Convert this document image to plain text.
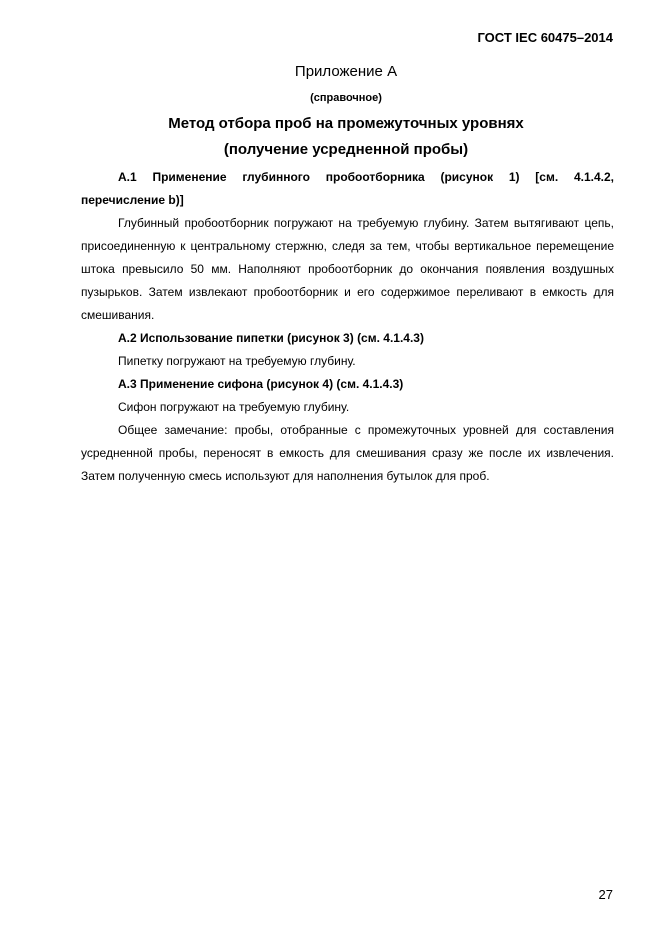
ГОСТ IEC 60475–2014
Приложение А
(справочное)
Метод отбора проб на промежуточных уровнях
(получение усредненной пробы)

А.1 Применение глубинного пробоотборника (рисунок 1) [см. 4.1.4.2, перечисление b)]

Глубинный пробоотборник погружают на требуемую глубину. Затем вытягивают цепь, присоединенную к центральному стержню, следя за тем, чтобы вертикальное перемещение штока превысило 50 мм. Наполняют пробоотборник до окончания появления воздушных пузырьков. Затем извлекают пробоотборник и его содержимое переливают в емкость для смешивания.

А.2 Использование пипетки (рисунок 3) (см. 4.1.4.3)

Пипетку погружают на требуемую глубину.

А.3 Применение сифона (рисунок 4) (см. 4.1.4.3)

Сифон погружают на требуемую глубину.

Общее замечание: пробы, отобранные с промежуточных уровней для составления усредненной пробы, переносят в емкость для смешивания сразу же после их извлечения. Затем полученную смесь используют для наполнения бутылок для проб.

27
